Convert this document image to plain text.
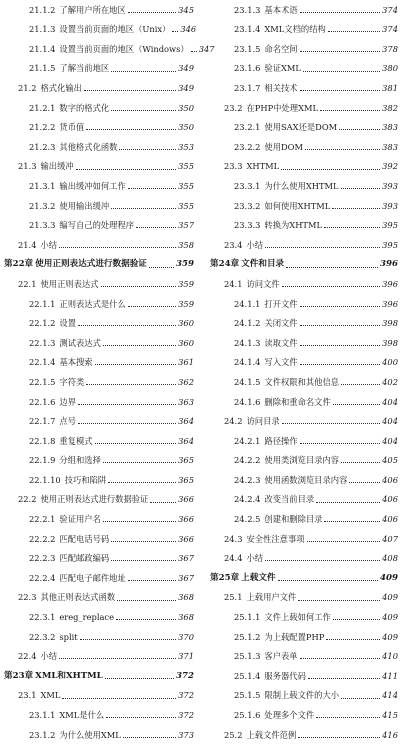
21.1.2 了解用户所在地区	345
21.1.3 设置当前页面的地区（Unix） 346
21.1.4 设置当前页面的地区（Windows） 347
21.1.5 了解当前地区	349
21.2 格式化输出	349
21.2.1 数字的格式化	350
21.2.2 货币值	350
21.2.3 其他格式化函数	353
21.3 输出缓冲	355
21.3.1 输出缓冲如何工作	355
21.3.2 使用输出缓冲	355
21.3.3 编写自己的处理程序	357
21.4 小结	358
第22章 使用正则表达式进行数据验证	359
22.1 使用正则表达式	359
22.1.1 正则表达式是什么	359
22.1.2 设置	360
22.1.3 测试表达式	360
22.1.4 基本搜索	361
22.1.5 字符类	362
22.1.6 边界	363
22.1.7 点号	364
22.1.8 重复模式	364
22.1.9 分组和选择	365
22.1.10 技巧和陷阱	365
22.2 使用正则表达式进行数据验证	366
22.2.1 验证用户名	366
22.2.2 匹配电话号码	366
22.2.3 匹配邮政编码	367
22.2.4 匹配电子邮件地址	367
22.3 其他正则表达式函数	368
22.3.1 ereg_replace	368
22.3.2 split	370
22.4 小结	371
第23章 XML和XHTML	372
23.1 XML	372
23.1.1 XML是什么	372
23.1.2 为什么使用XML	373
23.1.3 基本术语	374
23.1.4 XML文档的结构	374
23.1.5 命名空间	378
23.1.6 验证XML	380
23.1.7 相关技术	381
23.2 在PHP中处理XML	382
23.2.1 使用SAX还是DOM	383
23.2.2 使用DOM	383
23.3 XHTML	392
23.3.1 为什么使用XHTML	393
23.3.2 如何使用XHTML	393
23.3.3 转换为XHTML	395
23.4 小结	395
第24章 文件和目录	396
24.1 访问文件	396
24.1.1 打开文件	396
24.1.2 关闭文件	398
24.1.3 读取文件	398
24.1.4 写入文件	400
24.1.5 文件权限和其他信息	402
24.1.6 删除和重命名文件	404
24.2 访问目录	404
24.2.1 路径操作	404
24.2.2 使用类浏览目录内容	405
24.2.3 使用函数浏览目录内容	406
24.2.4 改变当前目录	406
24.2.5 创建和删除目录	406
24.3 安全性注意事项	407
24.4 小结	408
第25章 上载文件	409
25.1 上载用户文件	409
25.1.1 文件上载如何工作	409
25.1.2 为上载配置PHP	409
25.1.3 客户表单	410
25.1.4 服务器代码	411
25.1.5 限制上载文件的大小	414
25.1.6 处理多个文件	415
25.2 上载文件范例	416
